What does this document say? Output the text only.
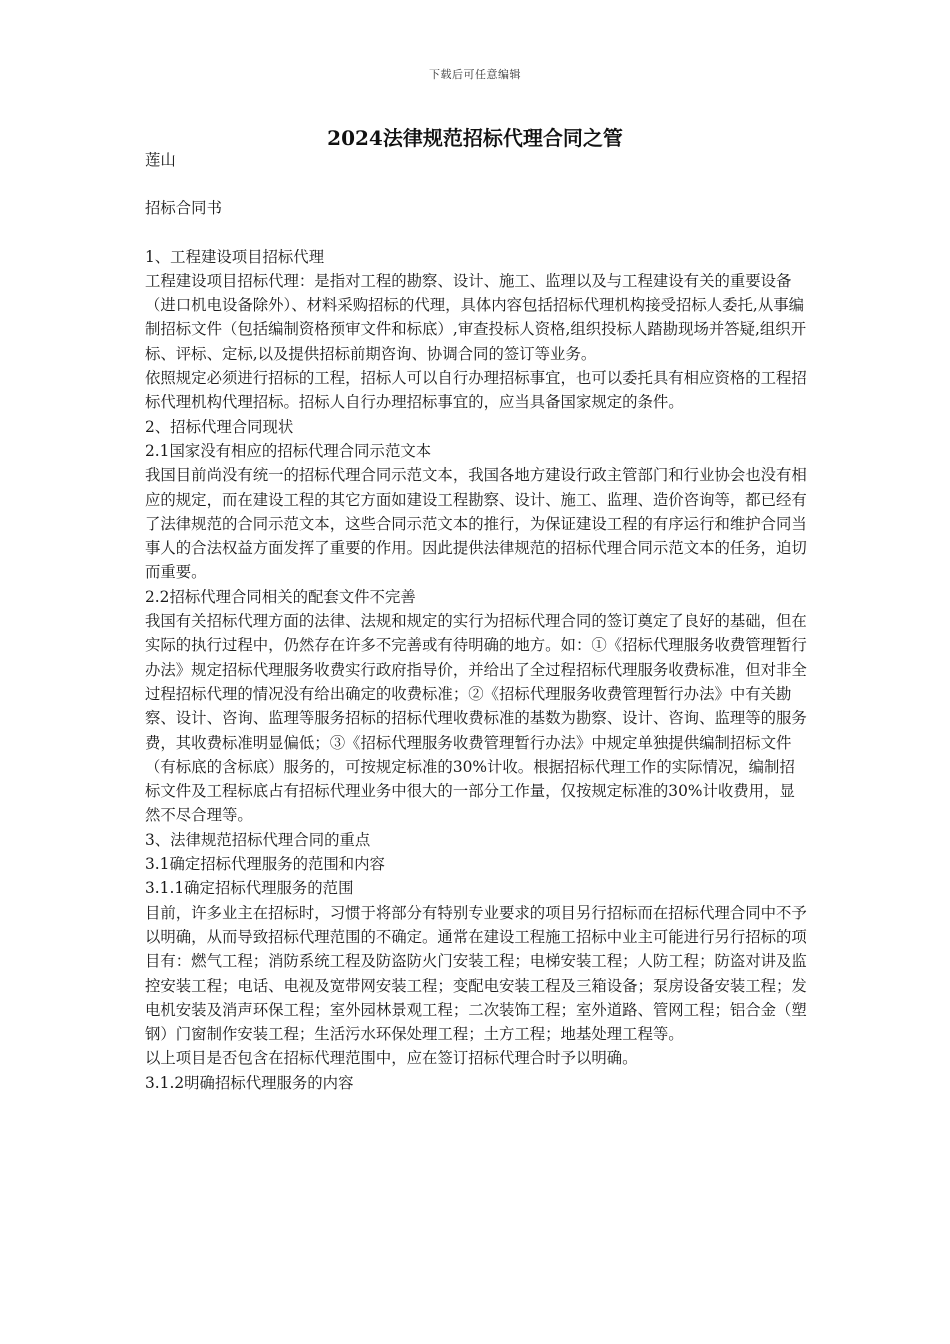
下载后可任意编辑
2024法律规范招标代理合同之管

莲山

招标合同书

1、工程建设项目招标代理

工程建设项目招标代理：是指对工程的勘察、设计、施工、监理以及与工程建设有关的重要设备（进口机电设备除外）、材料采购招标的代理，具体内容包括招标代理机构接受招标人委托,从事编制招标文件（包括编制资格预审文件和标底）,审查投标人资格,组织投标人踏勘现场并答疑,组织开标、评标、定标,以及提供招标前期咨询、协调合同的签订等业务。

依照规定必须进行招标的工程，招标人可以自行办理招标事宜，也可以委托具有相应资格的工程招标代理机构代理招标。招标人自行办理招标事宜的，应当具备国家规定的条件。

2、招标代理合同现状

2.1国家没有相应的招标代理合同示范文本

我国目前尚没有统一的招标代理合同示范文本，我国各地方建设行政主管部门和行业协会也没有相应的规定，而在建设工程的其它方面如建设工程勘察、设计、施工、监理、造价咨询等，都已经有了法律规范的合同示范文本，这些合同示范文本的推行，为保证建设工程的有序运行和维护合同当事人的合法权益方面发挥了重要的作用。因此提供法律规范的招标代理合同示范文本的任务，迫切而重要。

2.2招标代理合同相关的配套文件不完善

我国有关招标代理方面的法律、法规和规定的实行为招标代理合同的签订奠定了良好的基础，但在实际的执行过程中，仍然存在许多不完善或有待明确的地方。如：①《招标代理服务收费管理暂行办法》规定招标代理服务收费实行政府指导价，并给出了全过程招标代理服务收费标准，但对非全过程招标代理的情况没有给出确定的收费标准；②《招标代理服务收费管理暂行办法》中有关勘察、设计、咨询、监理等服务招标的招标代理收费标准的基数为勘察、设计、咨询、监理等的服务费，其收费标准明显偏低；③《招标代理服务收费管理暂行办法》中规定单独提供编制招标文件（有标底的含标底）服务的，可按规定标准的30%计收。根据招标代理工作的实际情况，编制招标文件及工程标底占有招标代理业务中很大的一部分工作量，仅按规定标准的30%计收费用，显然不尽合理等。

3、法律规范招标代理合同的重点

3.1确定招标代理服务的范围和内容

3.1.1确定招标代理服务的范围

目前，许多业主在招标时，习惯于将部分有特别专业要求的项目另行招标而在招标代理合同中不予以明确，从而导致招标代理范围的不确定。通常在建设工程施工招标中业主可能进行另行招标的项目有：燃气工程；消防系统工程及防盗防火门安装工程；电梯安装工程；人防工程；防盗对讲及监控安装工程；电话、电视及宽带网安装工程；变配电安装工程及三箱设备；泵房设备安装工程；发电机安装及消声环保工程；室外园林景观工程；二次装饰工程；室外道路、管网工程；铝合金（塑钢）门窗制作安装工程；生活污水环保处理工程；土方工程；地基处理工程等。

以上项目是否包含在招标代理范围中，应在签订招标代理合时予以明确。

3.1.2明确招标代理服务的内容
